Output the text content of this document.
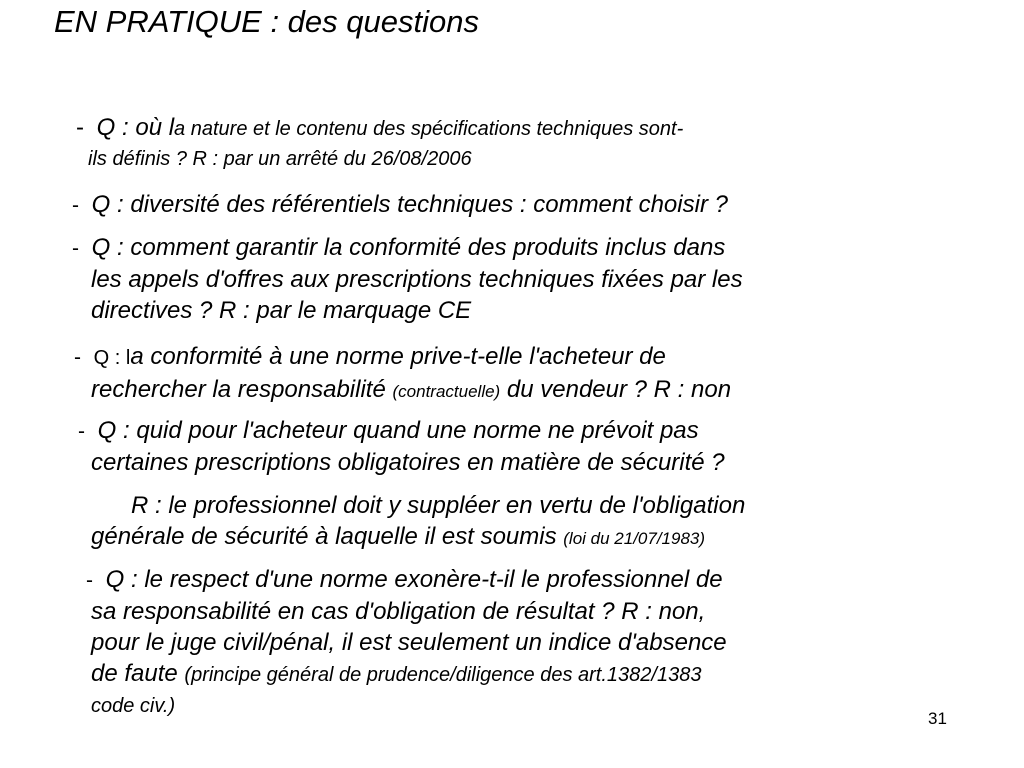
EN PRATIQUE : des questions
- Q : où la nature et le contenu des spécifications techniques sont-
ils définis ? R : par un arrêté du 26/08/2006
- Q : diversité des référentiels techniques : comment choisir ?
- Q : comment garantir la conformité des produits inclus dans
les appels d'offres aux prescriptions techniques fixées par les
directives ? R : par le marquage CE
- Q : la conformité à une norme prive-t-elle l'acheteur de
rechercher la responsabilité (contractuelle) du vendeur ? R : non
- Q : quid pour l'acheteur quand une norme ne prévoit pas
certaines prescriptions obligatoires en matière de sécurité ?
R : le professionnel doit y suppléer en vertu de l'obligation
générale de sécurité à laquelle il est soumis (loi du 21/07/1983)
- Q : le respect d'une norme exonère-t-il le professionnel de
sa responsabilité en cas d'obligation de résultat ? R : non,
pour le juge civil/pénal, il est seulement un indice d'absence
de faute (principe général de prudence/diligence des art.1382/1383
code civ.)
31
